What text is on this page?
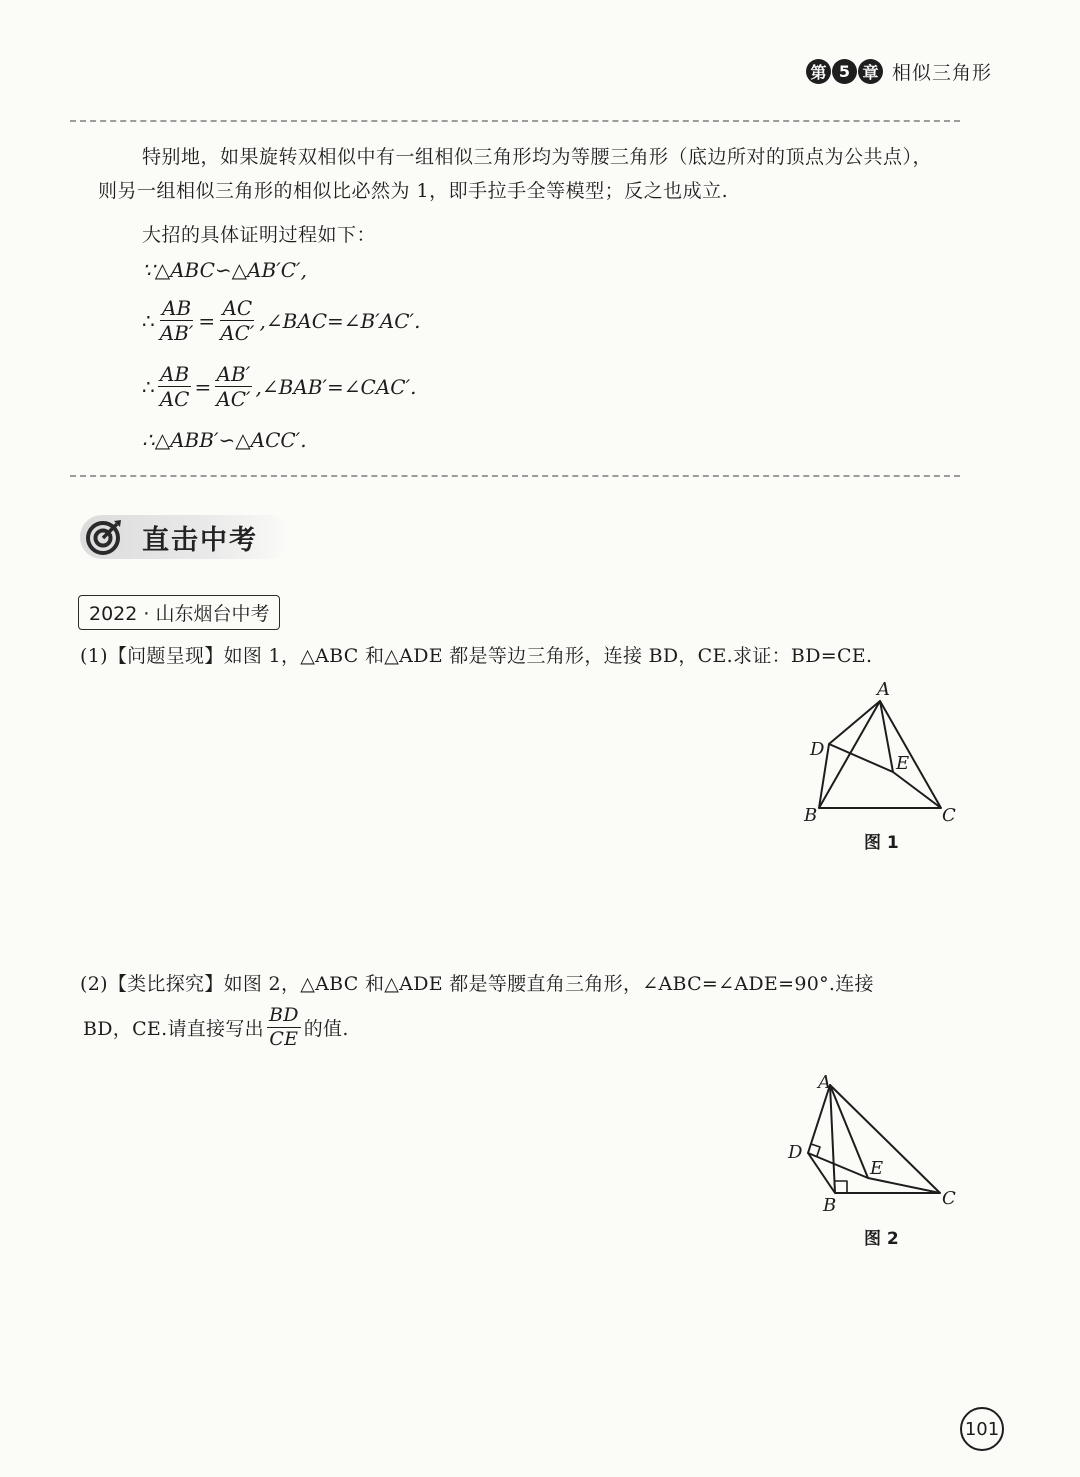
第 5 章 相似三角形
特别地，如果旋转双相似中有一组相似三角形均为等腰三角形（底边所对的顶点为公共点），则另一组相似三角形的相似比必然为 1，即手拉手全等模型；反之也成立.
大招的具体证明过程如下：
∵△ABC∽△AB′C′,
∴ $\frac{AB}{AB'} = \frac{AC}{AC'}$ ,∠BAC=∠B′AC′.
∴ $\frac{AB}{AC} = \frac{AB'}{AC'}$ ,∠BAB′=∠CAC′.
∴△ABB′∽△ACC′.
直击中考
2022 · 山东烟台中考
(1)【问题呈现】如图 1，△ABC 和△ADE 都是等边三角形，连接 BD，CE.求证：BD=CE.
A
B	C
D
E
图 1
(2)【类比探究】如图 2，△ABC 和△ADE 都是等腰直角三角形，∠ABC=∠ADE=90°.连接
BD，CE.请直接写出 $\frac{BD}{CE}$ 的值.
A
B	C
D
E
图 2
101
